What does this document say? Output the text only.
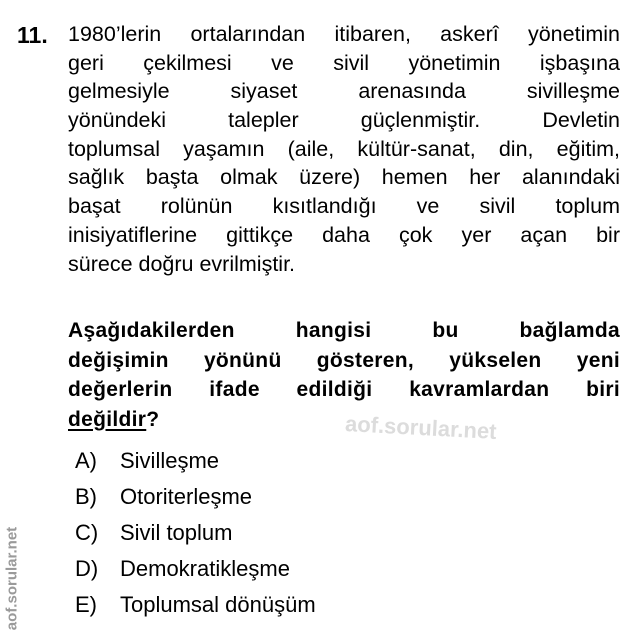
11. 1980’lerin ortalarından itibaren, askerî yönetimin
geri çekilmesi ve sivil yönetimin işbaşına
gelmesiyle siyaset arenasında sivilleşme
yönündeki talepler güçlenmiştir. Devletin
toplumsal yaşamın (aile, kültür-sanat, din, eğitim,
sağlık başta olmak üzere) hemen her alanındaki
başat rolünün kısıtlandığı ve sivil toplum
inisiyatiflerine gittikçe daha çok yer açan bir
sürece doğru evrilmiştir.
Aşağıdakilerden hangisi bu bağlamda
değişimin yönünü gösteren, yükselen yeni
değerlerin ifade edildiği kavramlardan biri
değildir?	aof.sorular.net
A)	Sivilleşme
B)	Otoriterleşme
C) Sivil toplum
D) Demokratikleşme
E)	Toplumsal dönüşüm
aof.sorular.net
